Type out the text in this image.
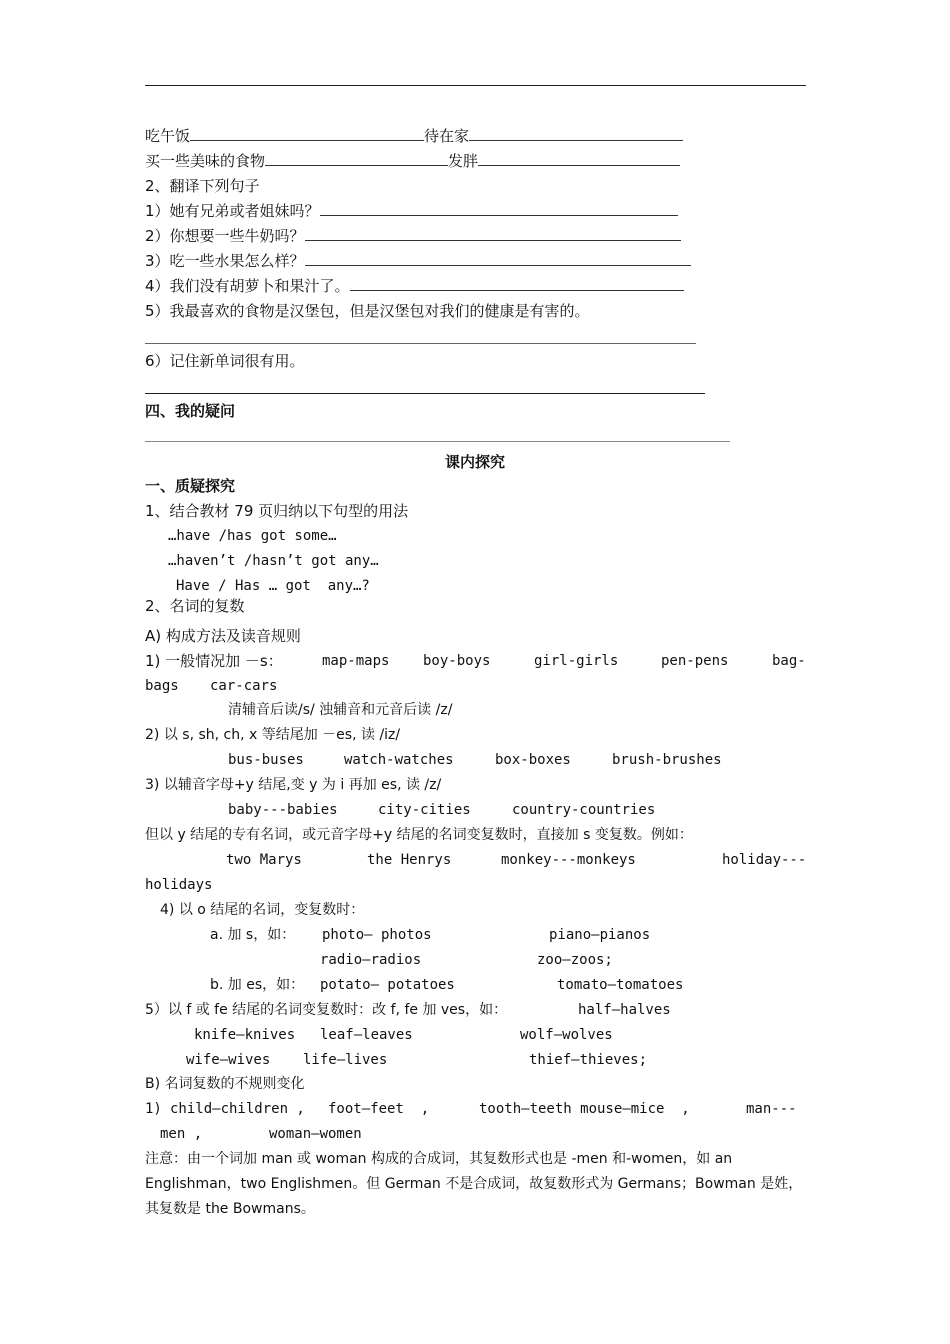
吃午饭	待在家
买一些美味的食物	发胖
2、翻译下列句子
1）她有兄弟或者姐妹吗？
2）你想要一些牛奶吗？
3）吃一些水果怎么样？
4）我们没有胡萝卜和果汁了。
5）我最喜欢的食物是汉堡包，但是汉堡包对我们的健康是有害的。
6）记住新单词很有用。
四、我的疑问
课内探究
一、质疑探究
1、结合教材 79 页归纳以下句型的用法
…have /has got some…
…haven’t /hasn’t got any…
Have / Has … got  any…?
2、名词的复数
A) 构成方法及读音规则
1) 一般情况加 －s：	map-maps boy-boys	girl-girls	pen-pens	bag-
bags car-cars
清辅音后读/s/ 浊辅音和元音后读 /z/
2) 以 s, sh, ch, x 等结尾加 －es, 读 /iz/
bus-buses	watch-watches	box-boxes	brush-brushes
3) 以辅音字母+y 结尾,变 y 为 i 再加 es, 读 /z/
baby---babies	city-cities	country-countries
但以 y 结尾的专有名词，或元音字母+y 结尾的名词变复数时，直接加 s 变复数。例如：
two Marys	the Henrys	monkey---monkeys	holiday---
holidays
4) 以 o 结尾的名词，变复数时：
a. 加 s，如： photo— photos	piano—pianos
radio—radios	zoo—zoos;
b. 加 es，如： potato— potatoes	tomato—tomatoes
5）以 f 或 fe 结尾的名词变复数时：改 f, fe 加 ves，如：	half—halves
knife—knives leaf—leaves	wolf—wolves
wife—wives life—lives	thief—thieves;
B) 名词复数的不规则变化
1) child—children , foot—feet  ,	tooth—teeth mouse—mice  ,	man---
men ,	woman—women
注意：由一个词加 man 或 woman 构成的合成词，其复数形式也是 -men 和-women，如 an
Englishman，two Englishmen。但 German 不是合成词，故复数形式为 Germans；Bowman 是姓，
其复数是 the Bowmans。
